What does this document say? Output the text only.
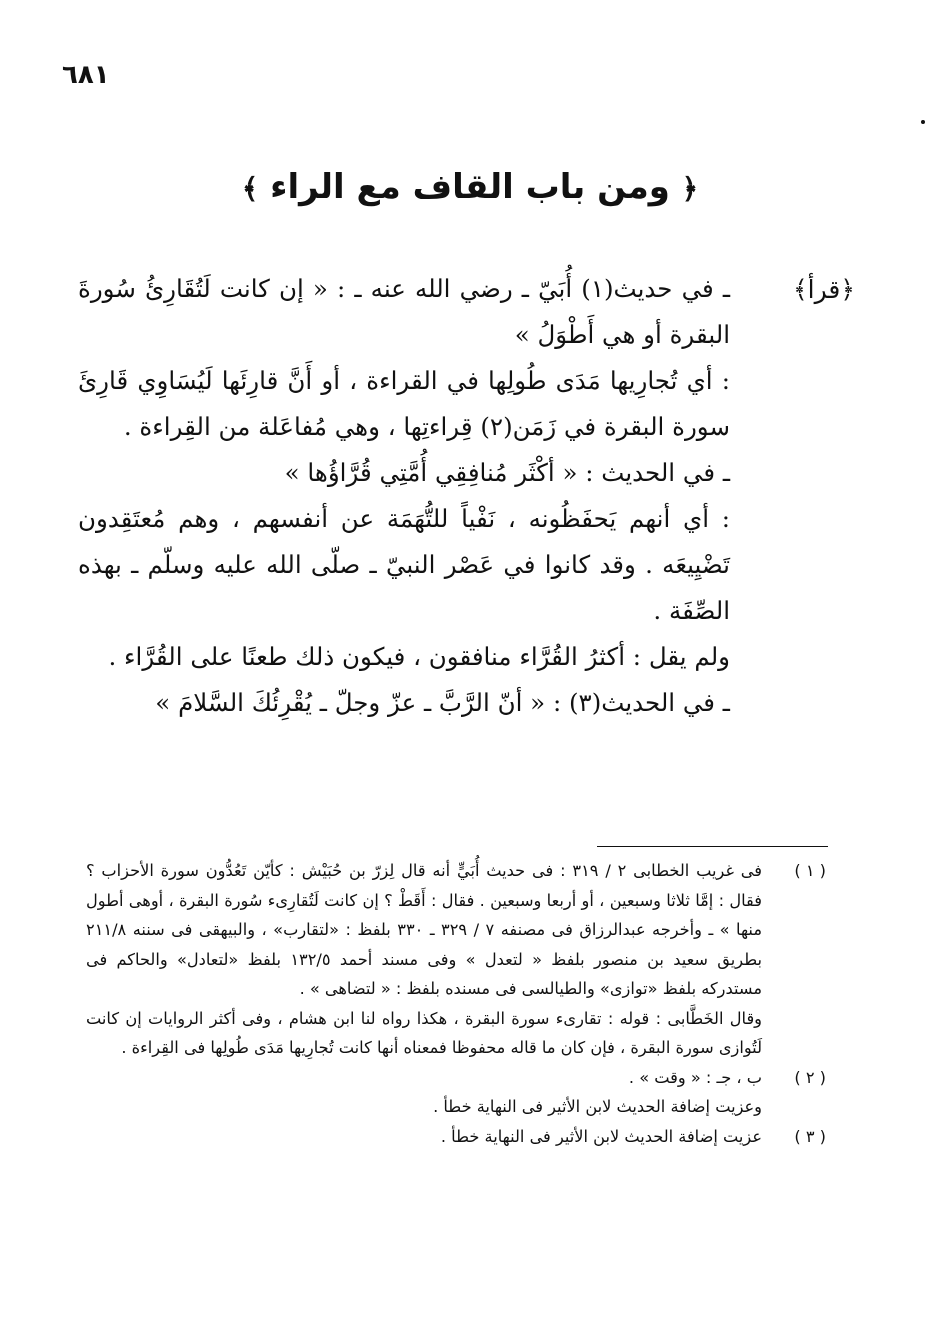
٦٨١
﴿ ومن باب القاف مع الراء ﴾
﴿قرأ﴾

ـ في حديث(١) أُبَيّ ـ رضي الله عنه ـ : « إن كانت لَتُقَارِئُ سُورةَ البقرة أو هي أَطْوَلُ »

: أي تُجارِيها مَدَى طُولِها في القراءة ، أو أَنَّ قارِئَها لَيُسَاوِي قَارِئَ سورة البقرة في زَمَن(٢) قِراءتِها ، وهي مُفاعَلة من القِراءة .

ـ في الحديث : « أكْثَر مُنافِقِي أُمَّتِي قُرَّاؤُها »

: أي أنهم يَحفَظُونه ، نَفْياً للتُّهَمَة عن أنفسهم ، وهم مُعتَقِدون تَضْيِيعَه . وقد كانوا في عَصْر النبيّ ـ صلّى الله عليه وسلّم ـ بهذه الصِّفَة .

ولم يقل : أكثرُ القُرَّاء منافقون ، فيكون ذلك طعنًا على القُرَّاء .

ـ في الحديث(٣) : « أنّ الرَّبَّ ـ عزّ وجلّ ـ يُقْرِئُكَ السَّلامَ »

( ١ )

فى غريب الخطابى ٢ / ٣١٩ : فى حديث أُبَيٍّ أنه قال لِزرّ بن حُبَيْش : كأيّن تَعُدُّون سورة الأحزاب ؟ فقال : إمَّا ثلاثا وسبعين ، أو أربعا وسبعين . فقال : أَقَطْ ؟ إن كانت لَتُقارِىء سُورة البقرة ، أوهى أطول منها » ـ وأخرجه عبدالرزاق فى مصنفه ٧ / ٣٢٩ ـ ٣٣٠ بلفظ : «لتقارب» ، والبيهقى فى سننه ٢١١/٨ بطريق سعيد بن منصور بلفظ « لتعدل » وفى مسند أحمد ١٣٢/٥ بلفظ «لتعادل» والحاكم فى مستدركه بلفظ «توازى» والطيالسى فى مسنده بلفظ : « لتضاهى » .

وقال الخَطَّابى : قوله : تقارىء سورة البقرة ، هكذا رواه لنا ابن هشام ، وفى أكثر الروايات إن كانت لَتُوازى سورة البقرة ، فإن كان ما قاله محفوظا فمعناه أنها كانت تُجارِيها مَدَى طُولِها فى القِراءة .

( ٢ )

ب ، جـ : « وقت » .

وعزيت إضافة الحديث لابن الأثير فى النهاية خطأ .

( ٣ )

عزيت إضافة الحديث لابن الأثير فى النهاية خطأ .
